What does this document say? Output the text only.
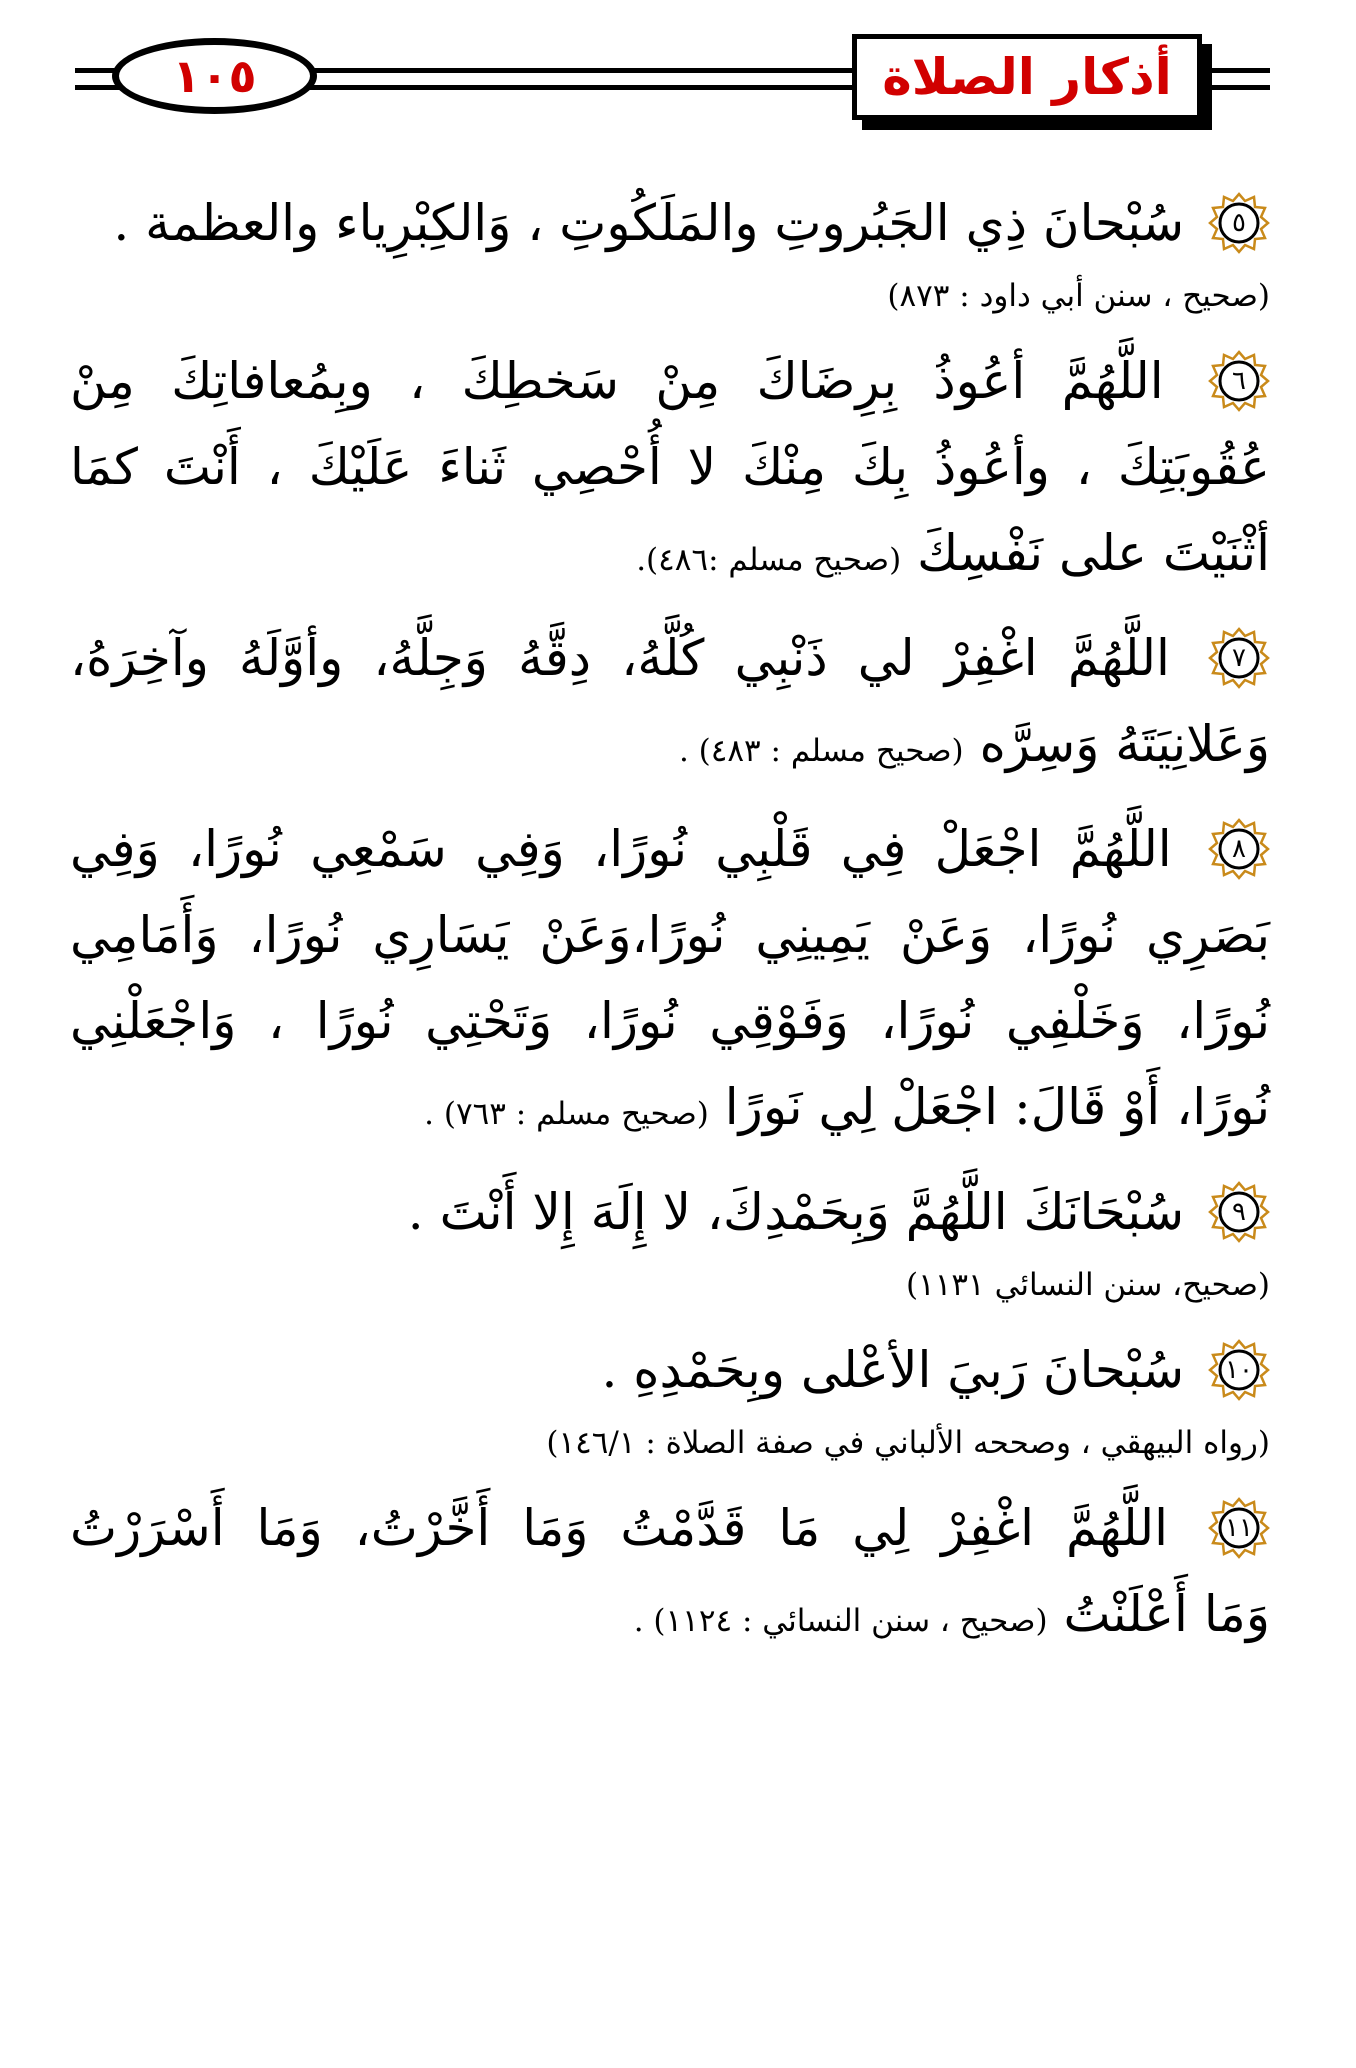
١٠٥	أذكار الصلاة
٥
سُبْحانَ ذِي الجَبُروتِ والمَلَكُوتِ ، وَالكِبْرِياء والعظمة .
(صحيح ، سنن أبي داود : ٨٧٣)
٦
اللَّهُمَّ أعُوذُ بِرِضَاكَ مِنْ سَخطِكَ ، وبِمُعافاتِكَ مِنْ
عُقُوبَتِكَ ، وأعُوذُ بِكَ مِنْكَ لا أُحْصِي ثَناءَ عَلَيْكَ ، أَنْتَ كمَا
أثْنَيْتَ على نَفْسِكَ (صحيح مسلم :٤٨٦).
٧
اللَّهُمَّ اغْفِرْ لي ذَنْبِي كُلَّهُ، دِقَّهُ وَجِلَّهُ، وأوَّلَهُ وآخِرَهُ،
وَعَلانِيَتَهُ وَسِرَّه (صحيح مسلم : ٤٨٣) .
٨
اللَّهُمَّ اجْعَلْ فِي قَلْبِي نُورًا، وَفِي سَمْعِي نُورًا، وَفِي
بَصَرِي نُورًا، وَعَنْ يَمِينِي نُورًا،وَعَنْ يَسَارِي نُورًا، وَأَمَامِي
نُورًا، وَخَلْفِي نُورًا، وَفَوْقِي نُورًا، وَتَحْتِي نُورًا ، وَاجْعَلْنِي
نُورًا، أَوْ قَالَ: اجْعَلْ لِي نَورًا (صحيح مسلم : ٧٦٣) .
٩
سُبْحَانَكَ اللَّهُمَّ وَبِحَمْدِكَ، لا إِلَهَ إِلا أَنْتَ .
(صحيح، سنن النسائي ١١٣١)
١٠
سُبْحانَ رَبيَ الأعْلى وبِحَمْدِهِ .
(رواه البيهقي ، وصححه الألباني في صفة الصلاة : ١٤٦/١)
١١
اللَّهُمَّ اغْفِرْ لِي مَا قَدَّمْتُ وَمَا أَخَّرْتُ، وَمَا أَسْرَرْتُ
وَمَا أَعْلَنْتُ (صحيح ، سنن النسائي : ١١٢٤) .
